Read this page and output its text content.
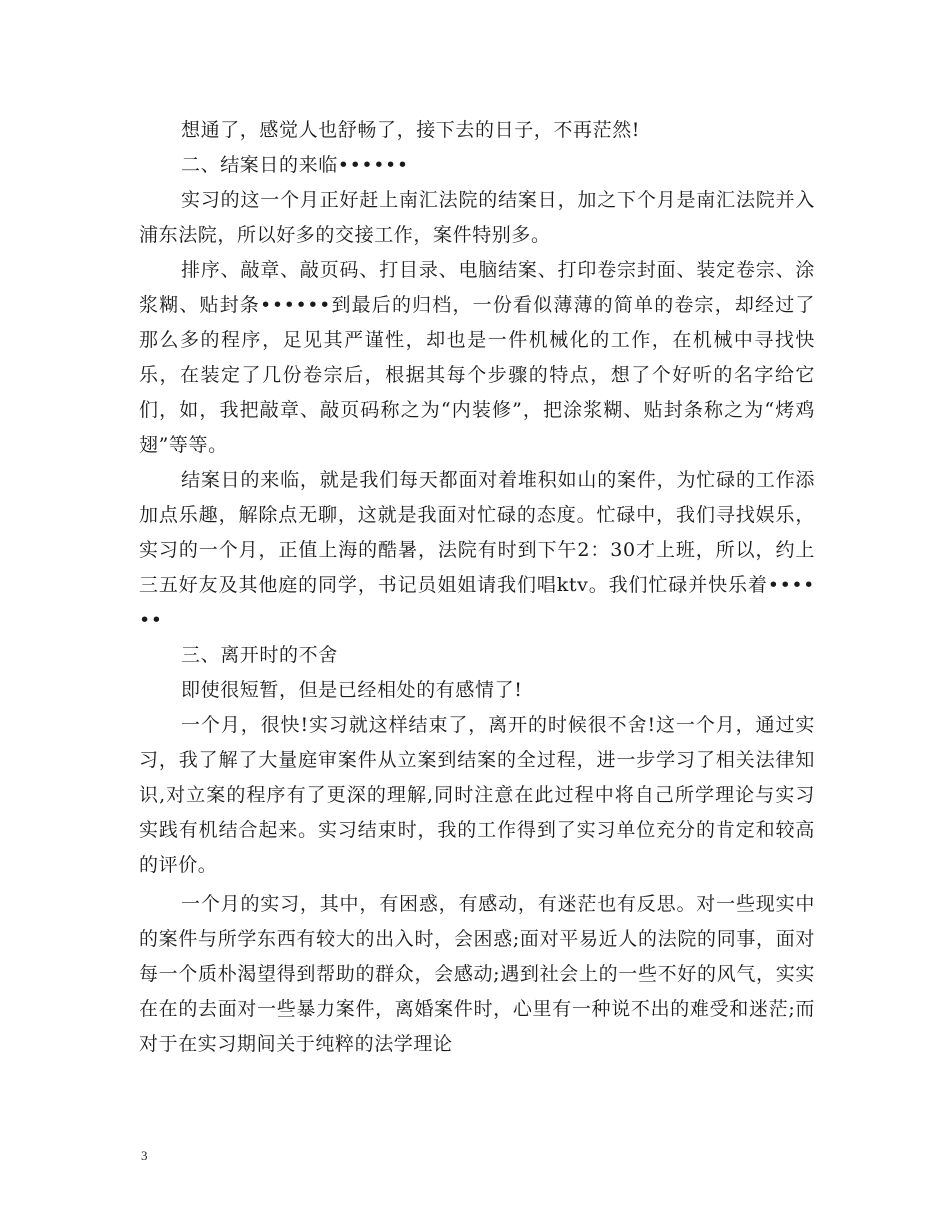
想通了，感觉人也舒畅了，接下去的日子，不再茫然!

二、结案日的来临••••••

实习的这一个月正好赶上南汇法院的结案日，加之下个月是南汇法院并入浦东法院，所以好多的交接工作，案件特别多。

排序、敲章、敲页码、打目录、电脑结案、打印卷宗封面、装定卷宗、涂浆糊、贴封条••••••到最后的归档，一份看似薄薄的简单的卷宗，却经过了那么多的程序，足见其严谨性，却也是一件机械化的工作，在机械中寻找快乐，在装定了几份卷宗后，根据其每个步骤的特点，想了个好听的名字给它们，如，我把敲章、敲页码称之为“内装修”，把涂浆糊、贴封条称之为“烤鸡翅”等等。

结案日的来临，就是我们每天都面对着堆积如山的案件，为忙碌的工作添加点乐趣，解除点无聊，这就是我面对忙碌的态度。忙碌中，我们寻找娱乐，实习的一个月，正值上海的酷暑，法院有时到下午2：30才上班，所以，约上三五好友及其他庭的同学，书记员姐姐请我们唱ktv。我们忙碌并快乐着••••••

三、离开时的不舍

即使很短暂，但是已经相处的有感情了!

一个月，很快!实习就这样结束了，离开的时候很不舍!这一个月，通过实习，我了解了大量庭审案件从立案到结案的全过程，进一步学习了相关法律知识,对立案的程序有了更深的理解,同时注意在此过程中将自己所学理论与实习实践有机结合起来。实习结束时，我的工作得到了实习单位充分的肯定和较高的评价。

一个月的实习，其中，有困惑，有感动，有迷茫也有反思。对一些现实中的案件与所学东西有较大的出入时，会困惑;面对平易近人的法院的同事，面对每一个质朴渴望得到帮助的群众，会感动;遇到社会上的一些不好的风气，实实在在的去面对一些暴力案件，离婚案件时，心里有一种说不出的难受和迷茫;而对于在实习期间关于纯粹的法学理论

3
